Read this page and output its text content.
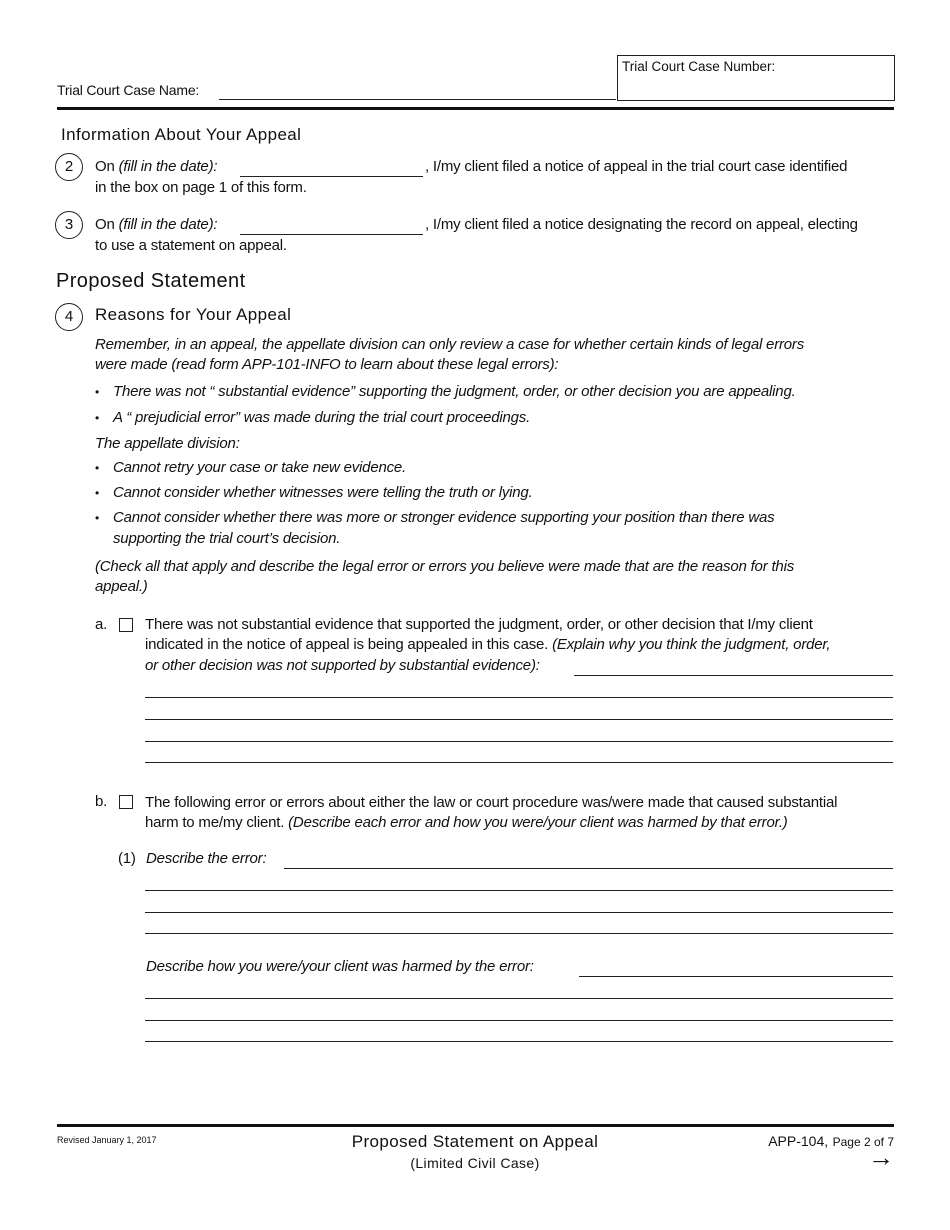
Trial Court Case Name:
Trial Court Case Number:
Information About Your Appeal
2	On (fill in the date):	, I/my client filed a notice of appeal in the trial court case identified
in the box on page 1 of this form.
3	On (fill in the date):	, I/my client filed a notice designating the record on appeal, electing
to use a statement on appeal.
Proposed Statement
4	Reasons for Your Appeal
Remember, in an appeal, the appellate division can only review a case for whether certain kinds of legal errors
were made (read form APP-101-INFO to learn about these legal errors):
• There was not “ substantial evidence” supporting the judgment, order, or other decision you are appealing.
• A “ prejudicial error” was made during the trial court proceedings.
The appellate division:
• Cannot retry your case or take new evidence.
• Cannot consider whether witnesses were telling the truth or lying.
• Cannot consider whether there was more or stronger evidence supporting your position than there was
supporting the trial court’s decision.
(Check all that apply and describe the legal error or errors you believe were made that are the reason for this
appeal.)
a.	There was not substantial evidence that supported the judgment, order, or other decision that I/my client
indicated in the notice of appeal is being appealed in this case. (Explain why you think the judgment, order,
or other decision was not supported by substantial evidence):
b.	The following error or errors about either the law or court procedure was/were made that caused substantial
harm to me/my client. (Describe each error and how you were/your client was harmed by that error.)
(1) Describe the error:
Describe how you were/your client was harmed by the error:
Revised January 1, 2017	Proposed Statement on Appeal
(Limited Civil Case)
APP-104, Page 2 of 7
→
